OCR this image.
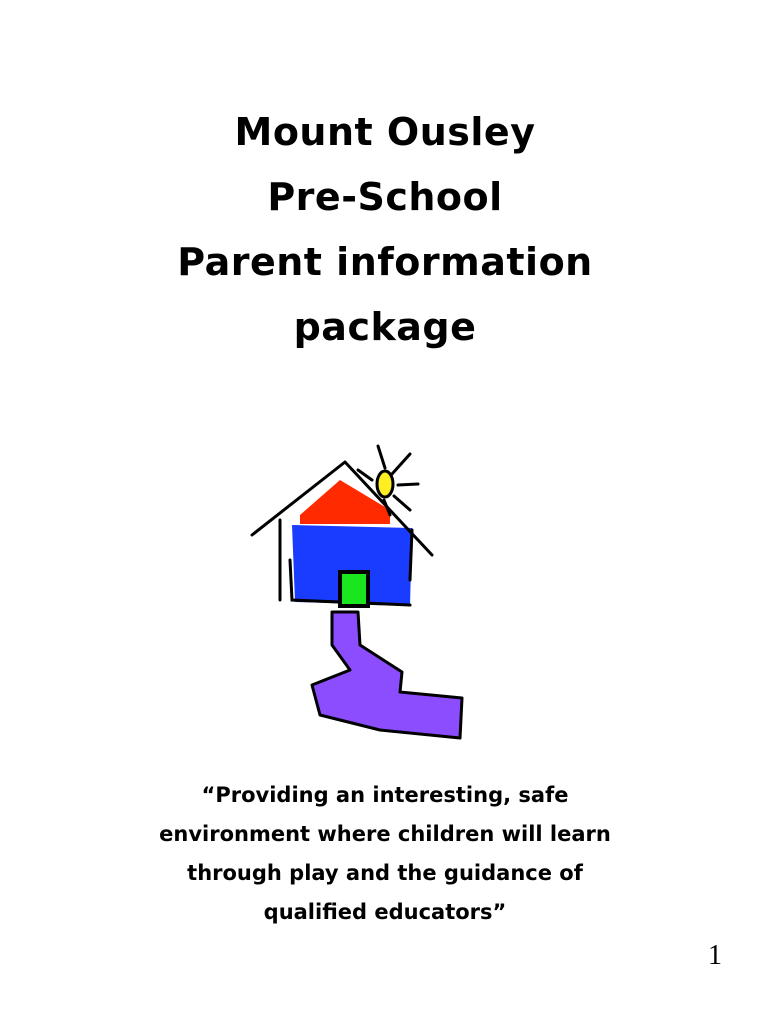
Mount Ousley
Pre-School
Parent information
package
“Providing an interesting, safe
environment where children will learn
through play and the guidance of
qualified educators”
1
